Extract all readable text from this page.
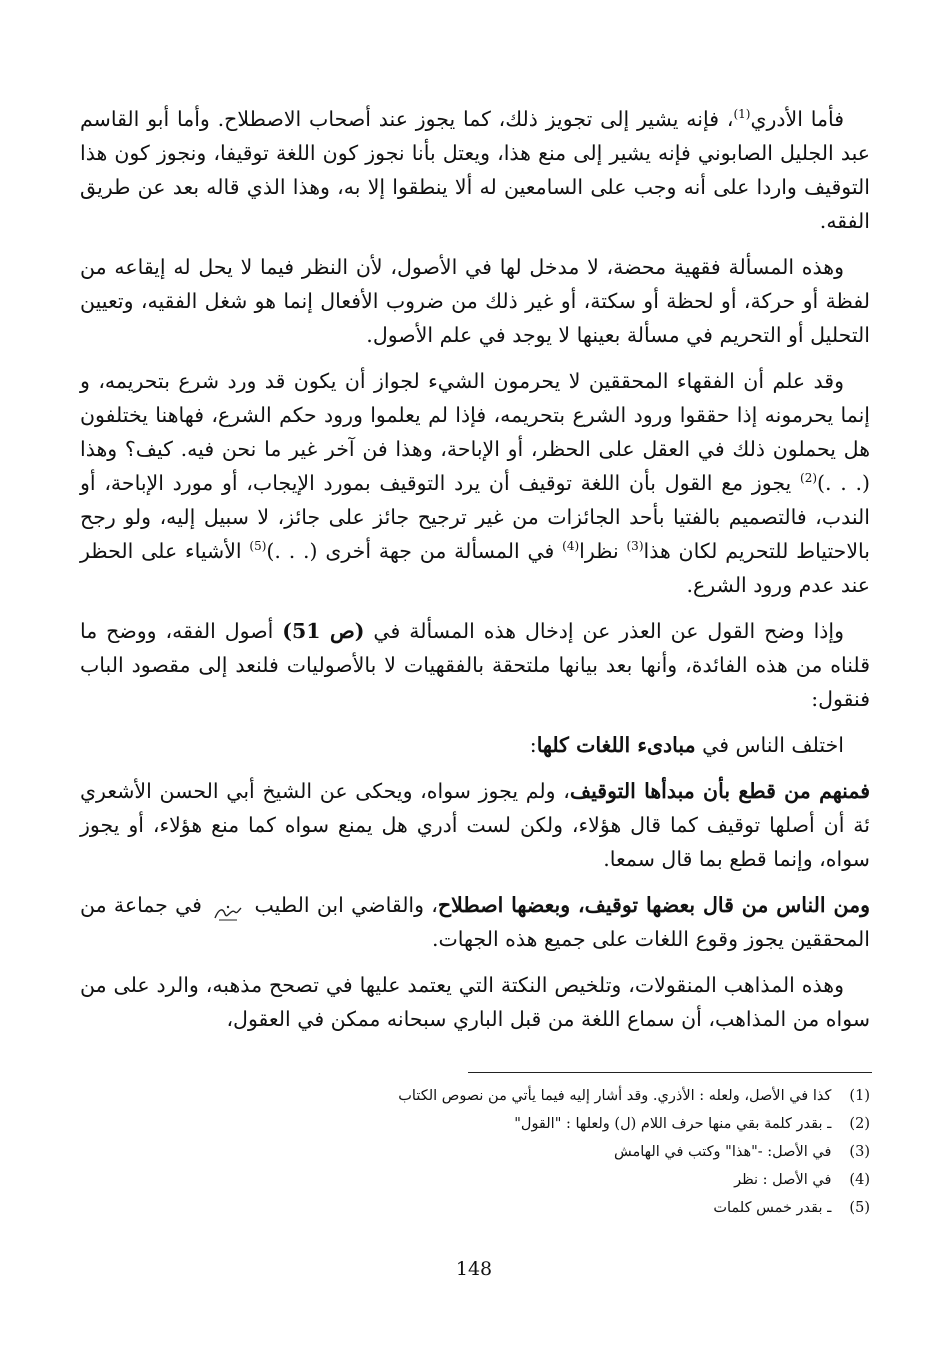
فأما الأدري$^{(1)}$، فإنه يشير إلى تجويز ذلك، كما يجوز عند أصحاب الاصطلاح. وأما أبو القاسم عبد الجليل الصابوني فإنه يشير إلى منع هذا، ويعتل بأنا نجوز كون اللغة توقيفا، ونجوز كون هذا التوقيف واردا على أنه وجب على السامعين له ألا ينطقوا إلا به، وهذا الذي قاله بعد عن طريق الفقه.

وهذه المسألة فقهية محضة، لا مدخل لها في الأصول، لأن النظر فيما لا يحل له إيقاعه من لفظة أو حركة، أو لحظة أو سكتة، أو غير ذلك من ضروب الأفعال إنما هو شغل الفقيه، وتعيين التحليل أو التحريم في مسألة بعينها لا يوجد في علم الأصول.

وقد علم أن الفقهاء المحققين لا يحرمون الشيء لجواز أن يكون قد ورد شرع بتحريمه، و إنما يحرمونه إذا حققوا ورود الشرع بتحريمه، فإذا لم يعلموا ورود حكم الشرع، فهاهنا يختلفون هل يحملون ذلك في العقل على الحظر، أو الإباحة، وهذا فن آخر غير ما نحن فيه. كيف؟ وهذا (. . .)$^{(2)}$ يجوز مع القول بأن اللغة توقيف أن يرد التوقيف بمورد الإيجاب، أو مورد الإباحة، أو الندب، فالتصميم بالفتيا بأحد الجائزات من غير ترجيح جائز على جائز، لا سبيل إليه، ولو رجح بالاحتياط للتحريم لكان هذا$^{(3)}$ نظرا$^{(4)}$ في المسألة من جهة أخرى (. . .)$^{(5)}$ الأشياء على الحظر عند عدم ورود الشرع.

وإذا وضح القول عن العذر عن إدخال هذه المسألة في (ص 51) أصول الفقه، ووضح ما قلناه من هذه الفائدة، وأنها بعد بيانها ملتحقة بالفقهيات لا بالأصوليات فلنعد إلى مقصود الباب فنقول:

اختلف الناس في مبادىء اللغات كلها:

فمنهم من قطع بأن مبدأها التوقيف، ولم يجوز سواه، ويحكى عن الشيخ أبي الحسن الأشعري ئة أن أصلها توقيف كما قال هؤلاء، ولكن لست أدري هل يمنع سواه كما منع هؤلاء، أو يجوز سواه، وإنما قطع بما قال سمعا.

ومن الناس من قال بعضها توقيف، وبعضها اصطلاح، والقاضي ابن الطيب  في جماعة من المحققين يجوز وقوع اللغات على جميع هذه الجهات.

وهذه المذاهب المنقولات، وتلخيص النكتة التي يعتمد عليها في تصحح مذهبه، والرد على من سواه من المذاهب، أن سماع اللغة من قبل الباري سبحانه ممكن في العقول،

(1) كذا في الأصل، ولعله : الأذري. وقد أشار إليه فيما يأتي من نصوص الكتاب
(2) ـ بقدر كلمة بقي منها حرف اللام (ل) ولعلها : "القول"
(3) في الأصل: -"هذا" وكتب في الهامش
(4) في الأصل : نظر
(5) ـ بقدر خمس كلمات
148
